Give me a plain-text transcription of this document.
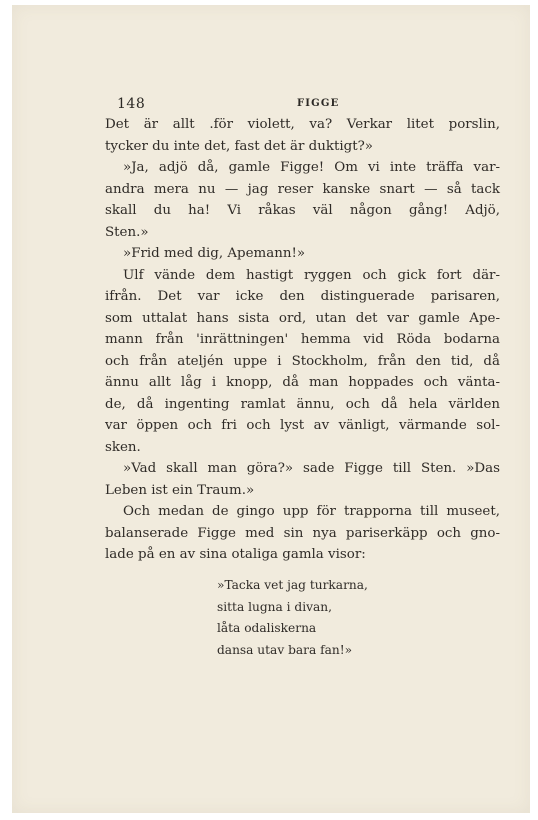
148	FIGGE
Det är allt .för violett, va? Verkar litet porslin,
tycker du inte det, fast det är duktigt?»
»Ja, adjö då, gamle Figge! Om vi inte träffa var-
andra mera nu — jag reser kanske snart — så tack
skall du ha! Vi råkas väl någon gång! Adjö,
Sten.»
»Frid med dig, Apemann!»
Ulf vände dem hastigt ryggen och gick fort där-
ifrån. Det var icke den distinguerade parisaren,
som uttalat hans sista ord, utan det var gamle Ape-
mann från 'inrättningen' hemma vid Röda bodarna
och från ateljén uppe i Stockholm, från den tid, då
ännu allt låg i knopp, då man hoppades och vänta-
de, då ingenting ramlat ännu, och då hela världen
var öppen och fri och lyst av vänligt, värmande sol-
sken.
»Vad skall man göra?» sade Figge till Sten. »Das
Leben ist ein Traum.»
Och medan de gingo upp för trapporna till museet,
balanserade Figge med sin nya pariserkäpp och gno-
lade på en av sina otaliga gamla visor:
»Tacka vet jag turkarna,
sitta lugna i divan,
låta odaliskerna
dansa utav bara fan!»
